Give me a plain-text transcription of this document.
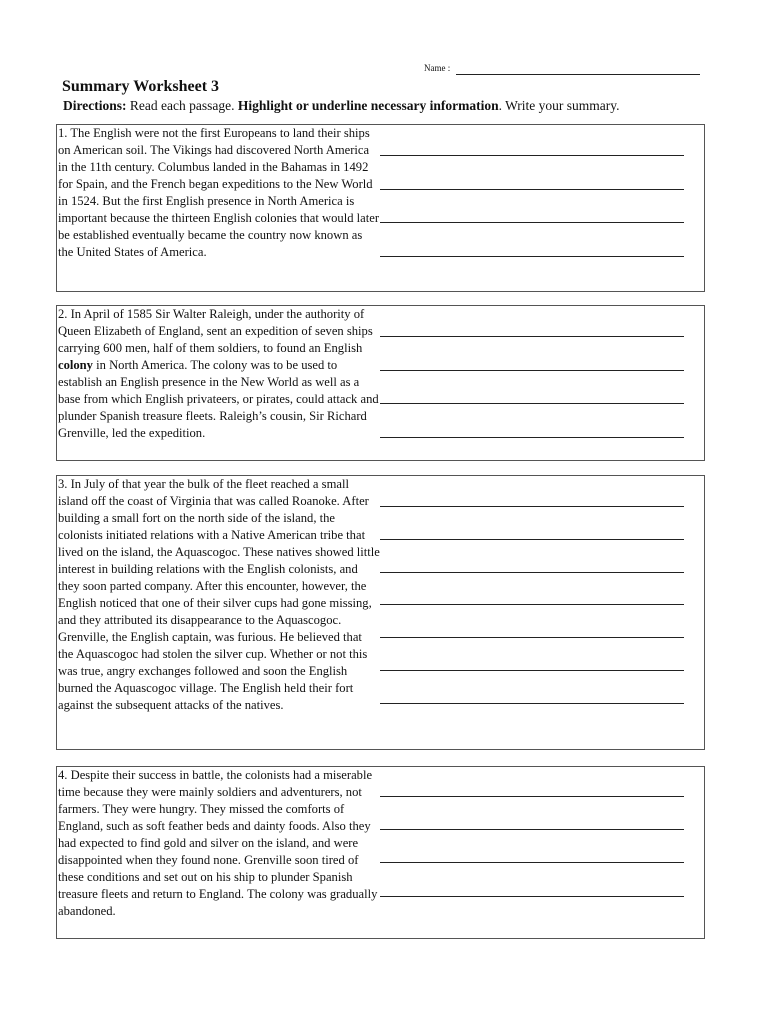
Name :
Summary Worksheet 3
Directions: Read each passage. Highlight or underline necessary information. Write your summary.

1. The English were not the first Europeans to land their ships on American soil. The Vikings had discovered North America in the 11th century. Columbus landed in the Bahamas in 1492 for Spain, and the French began expeditions to the New World in 1524. But the first English presence in North America is important because the thirteen English colonies that would later be established eventually became the country now known as the United States of America.

2. In April of 1585 Sir Walter Raleigh, under the authority of Queen Elizabeth of England, sent an expedition of seven ships carrying 600 men, half of them soldiers, to found an English colony in North America. The colony was to be used to establish an English presence in the New World as well as a base from which English privateers, or pirates, could attack and plunder Spanish treasure fleets. Raleigh’s cousin, Sir Richard Grenville, led the expedition.

3. In July of that year the bulk of the fleet reached a small island off the coast of Virginia that was called Roanoke. After building a small fort on the north side of the island, the colonists initiated relations with a Native American tribe that lived on the island, the Aquascogoc. These natives showed little interest in building relations with the English colonists, and they soon parted company. After this encounter, however, the English noticed that one of their silver cups had gone missing, and they attributed its disappearance to the Aquascogoc. Grenville, the English captain, was furious. He believed that the Aquascogoc had stolen the silver cup. Whether or not this was true, angry exchanges followed and soon the English burned the Aquascogoc village. The English held their fort against the subsequent attacks of the natives.

4. Despite their success in battle, the colonists had a miserable time because they were mainly soldiers and adventurers, not farmers. They were hungry. They missed the comforts of England, such as soft feather beds and dainty foods. Also they had expected to find gold and silver on the island, and were disappointed when they found none. Grenville soon tired of these conditions and set out on his ship to plunder Spanish treasure fleets and return to England. The colony was gradually abandoned.
